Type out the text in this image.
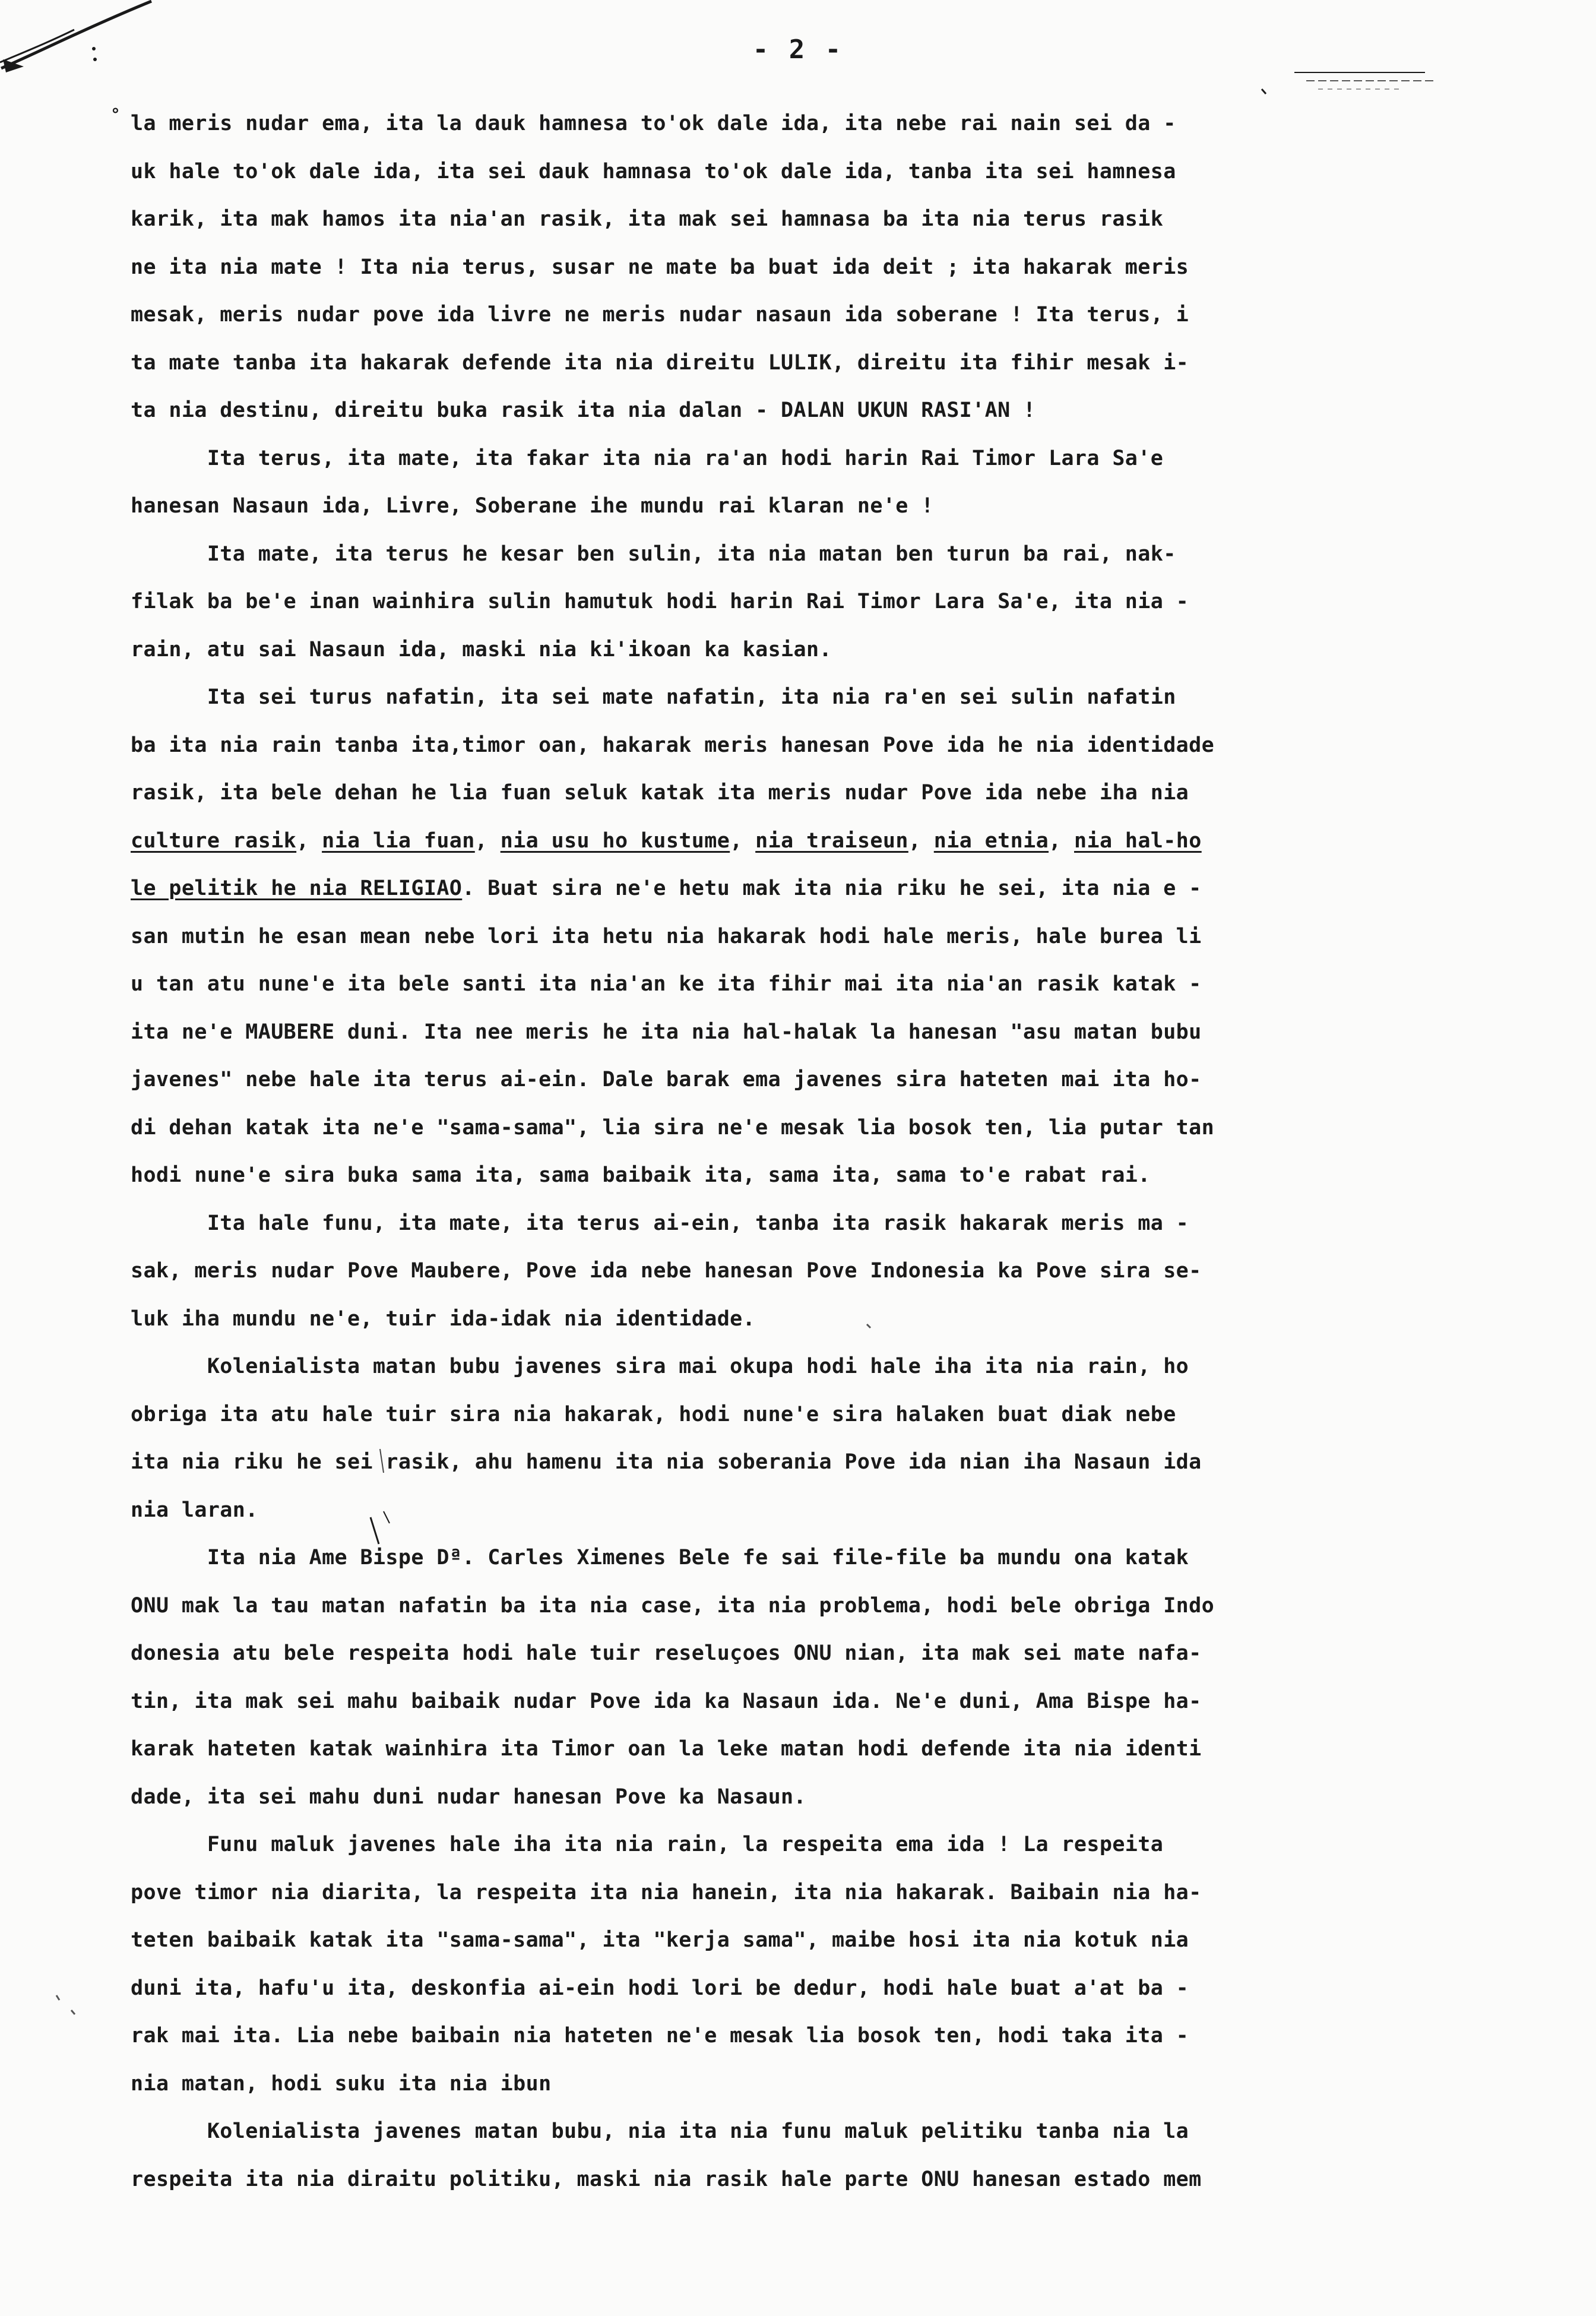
- 2 -
° la meris nudar ema, ita la dauk hamnesa to'ok dale ida, ita nebe rai nain sei da -
uk hale to'ok dale ida, ita sei dauk hamnasa to'ok dale ida, tanba ita sei hamnesa
karik, ita mak hamos ita nia'an rasik, ita mak sei hamnasa ba ita nia terus rasik
ne ita nia mate ! Ita nia terus, susar ne mate ba buat ida deit ; ita hakarak meris
mesak, meris nudar pove ida livre ne meris nudar nasaun ida soberane ! Ita terus, i
ta mate tanba ita hakarak defende ita nia direitu LULIK, direitu ita fihir mesak i-
ta nia destinu, direitu buka rasik ita nia dalan - DALAN UKUN RASI'AN !
Ita terus, ita mate, ita fakar ita nia ra'an hodi harin Rai Timor Lara Sa'e
hanesan Nasaun ida, Livre, Soberane ihe mundu rai klaran ne'e !
Ita mate, ita terus he kesar ben sulin, ita nia matan ben turun ba rai, nak-
filak ba be'e inan wainhira sulin hamutuk hodi harin Rai Timor Lara Sa'e, ita nia -
rain, atu sai Nasaun ida, maski nia ki'ikoan ka kasian.
Ita sei turus nafatin, ita sei mate nafatin, ita nia ra'en sei sulin nafatin
ba ita nia rain tanba ita,timor oan, hakarak meris hanesan Pove ida he nia identidade
rasik, ita bele dehan he lia fuan seluk katak ita meris nudar Pove ida nebe iha nia
culture rasik, nia lia fuan, nia usu ho kustume, nia traiseun, nia etnia, nia hal-ho
le pelitik he nia RELIGIAO. Buat sira ne'e hetu mak ita nia riku he sei, ita nia e -
san mutin he esan mean nebe lori ita hetu nia hakarak hodi hale meris, hale burea li
u tan atu nune'e ita bele santi ita nia'an ke ita fihir mai ita nia'an rasik katak -
ita ne'e MAUBERE duni. Ita nee meris he ita nia hal-halak la hanesan "asu matan bubu
javenes" nebe hale ita terus ai-ein. Dale barak ema javenes sira hateten mai ita ho-
di dehan katak ita ne'e "sama-sama", lia sira ne'e mesak lia bosok ten, lia putar tan
hodi nune'e sira buka sama ita, sama baibaik ita, sama ita, sama to'e rabat rai.
Ita hale funu, ita mate, ita terus ai-ein, tanba ita rasik hakarak meris ma -
sak, meris nudar Pove Maubere, Pove ida nebe hanesan Pove Indonesia ka Pove sira se-
luk iha mundu ne'e, tuir ida-idak nia identidade.
Kolenialista matan bubu javenes sira mai okupa hodi hale iha ita nia rain, ho
obriga ita atu hale tuir sira nia hakarak, hodi nune'e sira halaken buat diak nebe
ita nia riku he sei rasik, ahu hamenu ita nia soberania Pove ida nian iha Nasaun ida
nia laran.
Ita nia Ame Bispe Dª. Carles Ximenes Bele fe sai file-file ba mundu ona katak
ONU mak la tau matan nafatin ba ita nia case, ita nia problema, hodi bele obriga Indo
donesia atu bele respeita hodi hale tuir reseluçoes ONU nian, ita mak sei mate nafa-
tin, ita mak sei mahu baibaik nudar Pove ida ka Nasaun ida. Ne'e duni, Ama Bispe ha-
karak hateten katak wainhira ita Timor oan la leke matan hodi defende ita nia identi
dade, ita sei mahu duni nudar hanesan Pove ka Nasaun.
Funu maluk javenes hale iha ita nia rain, la respeita ema ida ! La respeita
pove timor nia diarita, la respeita ita nia hanein, ita nia hakarak. Baibain nia ha-
teten baibaik katak ita "sama-sama", ita "kerja sama", maibe hosi ita nia kotuk nia
duni ita, hafu'u ita, deskonfia ai-ein hodi lori be dedur, hodi hale buat a'at ba -
rak mai ita. Lia nebe baibain nia hateten ne'e mesak lia bosok ten, hodi taka ita -
nia matan, hodi suku ita nia ibun
Kolenialista javenes matan bubu, nia ita nia funu maluk pelitiku tanba nia la
respeita ita nia diraitu politiku, maski nia rasik hale parte ONU hanesan estado mem
